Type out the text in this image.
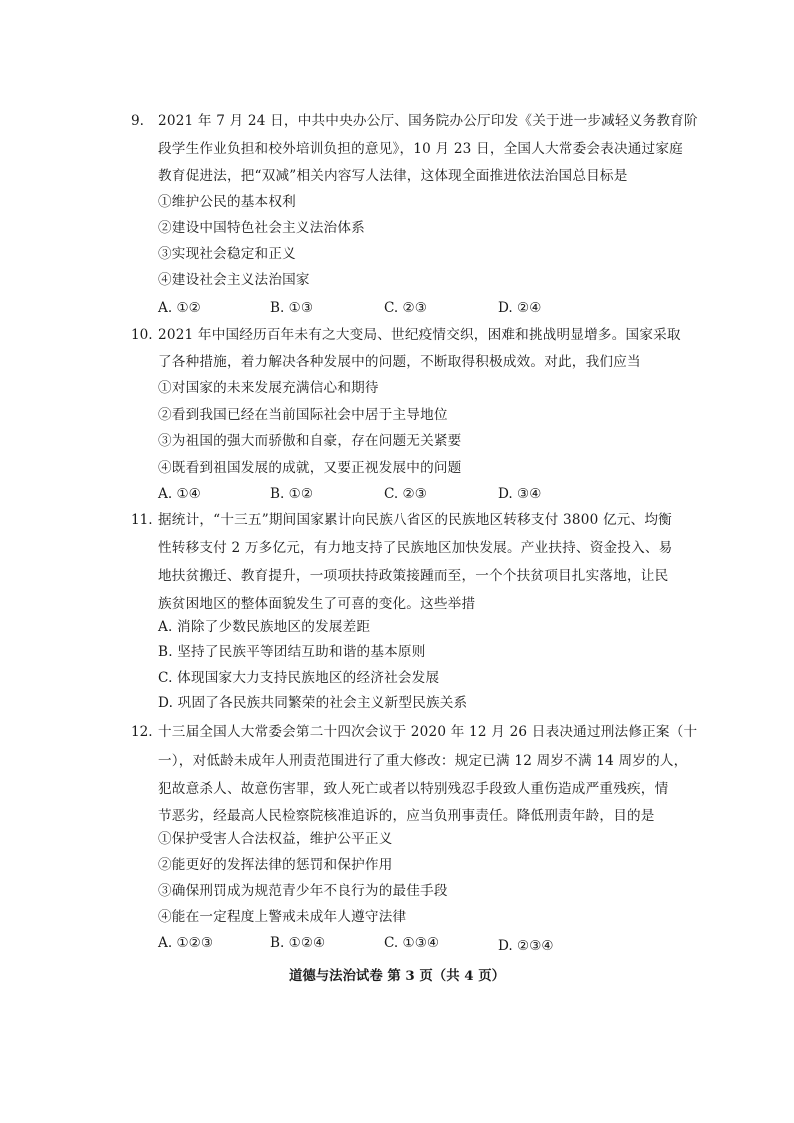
9. 2021 年 7 月 24 日，中共中央办公厅、国务院办公厅印发《关于进一步减轻义务教育阶
段学生作业负担和校外培训负担的意见》，10 月 23 日，全国人大常委会表决通过家庭
教育促进法，把“双减”相关内容写人法律，这体现全面推进依法治国总目标是
①维护公民的基本权利
②建设中国特色社会主义法治体系
③实现社会稳定和正义
④建设社会主义法治国家
A. ①②	B. ①③	C. ②③	D. ②④
10. 2021 年中国经历百年未有之大变局、世纪疫情交织，困难和挑战明显增多。国家采取
了各种措施，着力解决各种发展中的问题，不断取得积极成效。对此，我们应当
①对国家的未来发展充满信心和期待
②看到我国已经在当前国际社会中居于主导地位
③为祖国的强大而骄傲和自豪，存在问题无关紧要
④既看到祖国发展的成就，又要正视发展中的问题
A. ①④	B. ①②	C. ②③	D. ③④
11. 据统计，“十三五”期间国家累计向民族八省区的民族地区转移支付 3800 亿元、均衡
性转移支付 2 万多亿元，有力地支持了民族地区加快发展。产业扶持、资金投入、易
地扶贫搬迁、教育提升，一项项扶持政策接踵而至，一个个扶贫项目扎实落地，让民
族贫困地区的整体面貌发生了可喜的变化。这些举措
A. 消除了少数民族地区的发展差距
B. 坚持了民族平等团结互助和谐的基本原则
C. 体现国家大力支持民族地区的经济社会发展
D. 巩固了各民族共同繁荣的社会主义新型民族关系
12. 十三届全国人大常委会第二十四次会议于 2020 年 12 月 26 日表决通过刑法修正案（十
一），对低龄未成年人刑责范围进行了重大修改：规定已满 12 周岁不满 14 周岁的人，
犯故意杀人、故意伤害罪，致人死亡或者以特别残忍手段致人重伤造成严重残疾，情
节恶劣，经最高人民检察院核准追诉的，应当负刑事责任。降低刑责年龄，目的是
①保护受害人合法权益，维护公平正义
②能更好的发挥法律的惩罚和保护作用
③确保刑罚成为规范青少年不良行为的最佳手段
④能在一定程度上警戒未成年人遵守法律
A. ①②③	B. ①②④	C. ①③④	D. ②③④
道德与法治试卷 第 3 页（共 4 页）
